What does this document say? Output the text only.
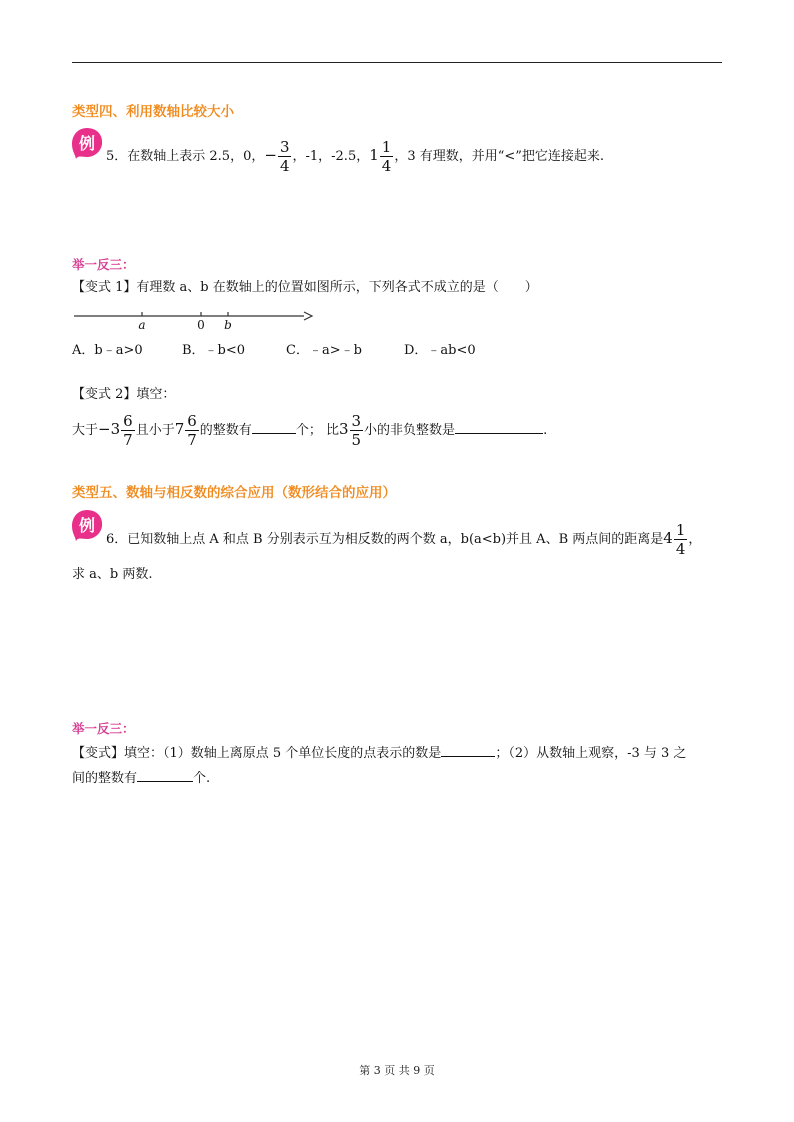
类型四、利用数轴比较大小
例
5．在数轴上表示 2.5，0，− $\frac{3}{4}$ ，-1，-2.5，$1 \frac{1}{4}$ ，3 有理数，并用“<”把它连接起来.
举一反三：
【变式 1】有理数 a、b 在数轴上的位置如图所示，下列各式不成立的是（　　）
a	0 b
A．b﹣a>0	B．﹣b<0	C．﹣a>﹣b	D．﹣ab<0
【变式 2】填空：
大于$-3 \frac{6}{7}$ 且小于$7 \frac{6}{7}$ 的整数有	个； 比$3 \frac{3}{5}$ 小的非负整数是	.
类型五、数轴与相反数的综合应用（数形结合的应用）
例
6．已知数轴上点 A 和点 B 分别表示互为相反数的两个数 a，b(a<b)并且 A、B 两点间的距离是$4 \frac{1}{4}$ ，
求 a、b 两数.
举一反三：
【变式】填空：（1）数轴上离原点 5 个单位长度的点表示的数是	；（2）从数轴上观察，-3 与 3 之
间的整数有	个.
第 3 页 共 9 页
